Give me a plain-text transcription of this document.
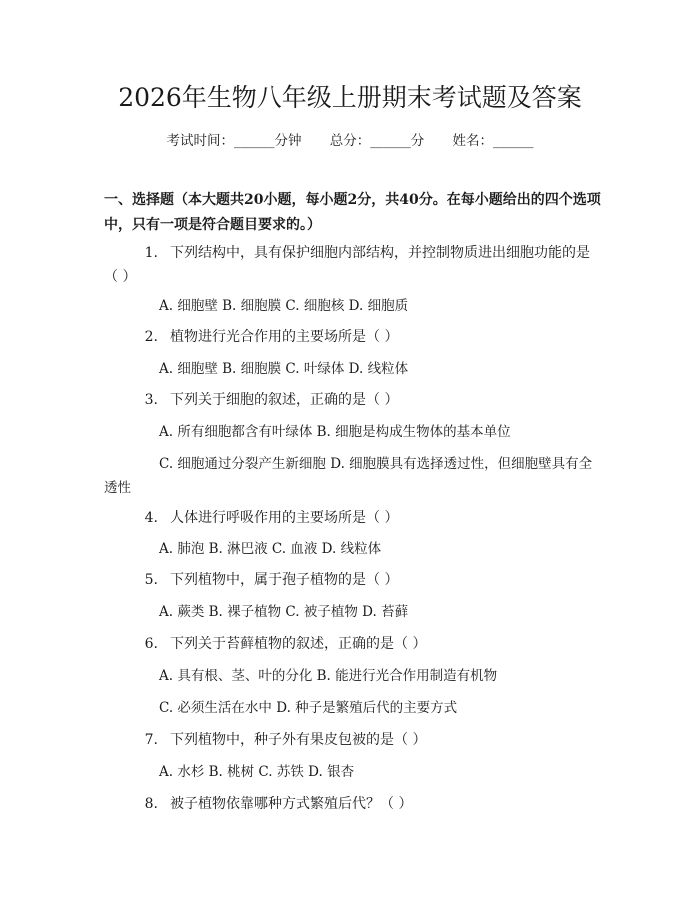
2026年生物八年级上册期末考试题及答案
考试时间：______分钟 总分：______分 姓名：______
一、选择题（本大题共20小题，每小题2分，共40分。在每小题给出的四个选项中，只有一项是符合题目要求的。）
1. 下列结构中，具有保护细胞内部结构，并控制物质进出细胞功能的是（ ）
A. 细胞壁 B. 细胞膜 C. 细胞核 D. 细胞质
2. 植物进行光合作用的主要场所是（ ）
A. 细胞壁 B. 细胞膜 C. 叶绿体 D. 线粒体
3. 下列关于细胞的叙述，正确的是（ ）
A. 所有细胞都含有叶绿体 B. 细胞是构成生物体的基本单位
C. 细胞通过分裂产生新细胞 D. 细胞膜具有选择透过性，但细胞壁具有全透性
4. 人体进行呼吸作用的主要场所是（ ）
A. 肺泡 B. 淋巴液 C. 血液 D. 线粒体
5. 下列植物中，属于孢子植物的是（ ）
A. 蕨类 B. 裸子植物 C. 被子植物 D. 苔藓
6. 下列关于苔藓植物的叙述，正确的是（ ）
A. 具有根、茎、叶的分化 B. 能进行光合作用制造有机物
C. 必须生活在水中 D. 种子是繁殖后代的主要方式
7. 下列植物中，种子外有果皮包被的是（ ）
A. 水杉 B. 桃树 C. 苏铁 D. 银杏
8. 被子植物依靠哪种方式繁殖后代？（ ）
